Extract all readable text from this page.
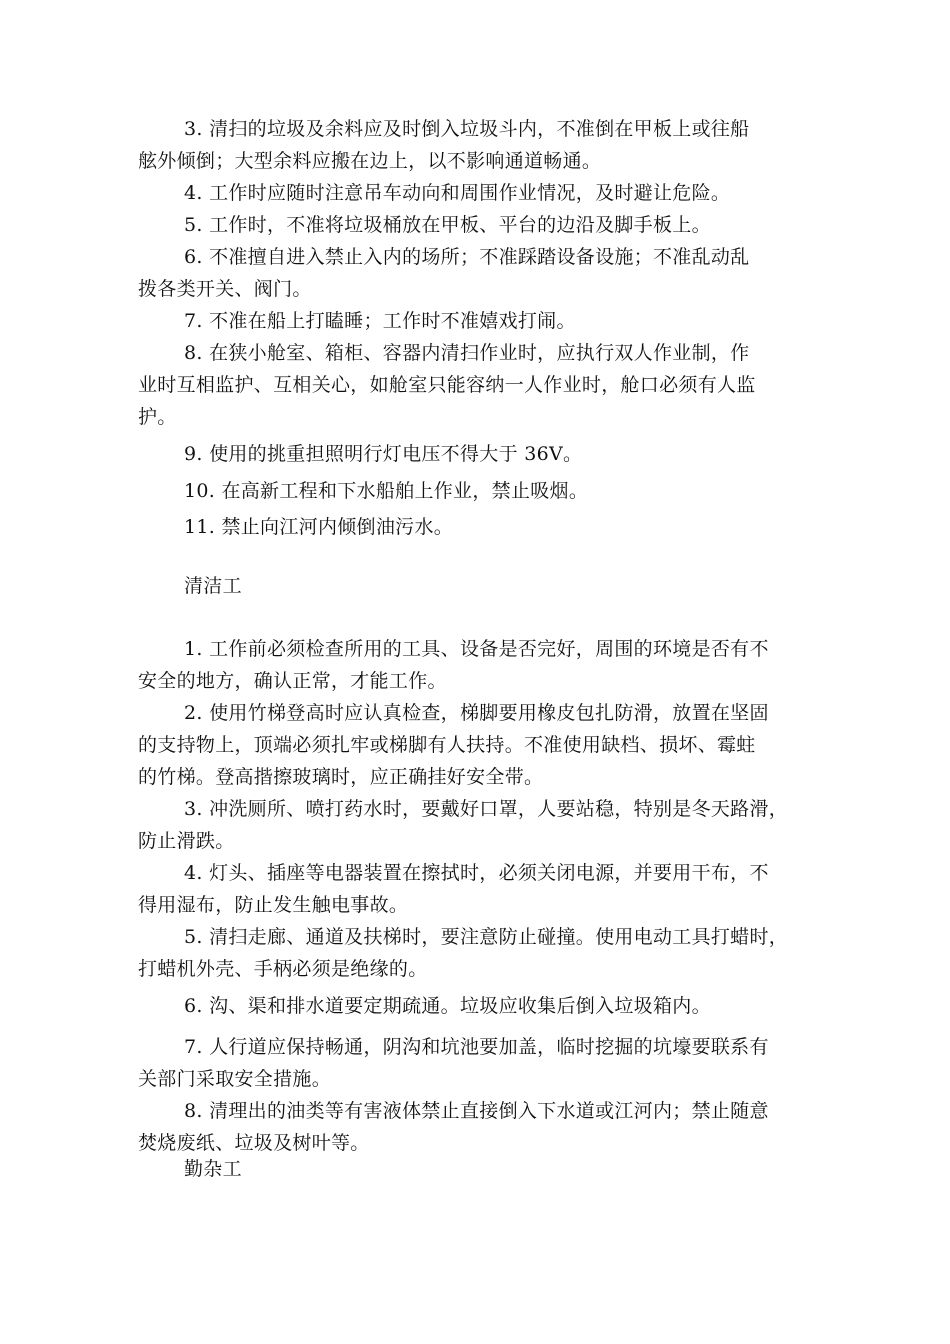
3. 清扫的垃圾及余料应及时倒入垃圾斗内，不准倒在甲板上或往船
舷外倾倒；大型余料应搬在边上，以不影响通道畅通。
4. 工作时应随时注意吊车动向和周围作业情况，及时避让危险。
5. 工作时，不准将垃圾桶放在甲板、平台的边沿及脚手板上。
6. 不准擅自进入禁止入内的场所；不准踩踏设备设施；不准乱动乱
拨各类开关、阀门。
7. 不准在船上打瞌睡；工作时不准嬉戏打闹。
8. 在狭小舱室、箱柜、容器内清扫作业时，应执行双人作业制，作
业时互相监护、互相关心，如舱室只能容纳一人作业时，舱口必须有人监
护。
9. 使用的挑重担照明行灯电压不得大于 36V。
10. 在高新工程和下水船舶上作业，禁止吸烟。
11. 禁止向江河内倾倒油污水。
清洁工
1. 工作前必须检查所用的工具、设备是否完好，周围的环境是否有不
安全的地方，确认正常，才能工作。
2. 使用竹梯登高时应认真检查，梯脚要用橡皮包扎防滑，放置在坚固
的支持物上，顶端必须扎牢或梯脚有人扶持。不准使用缺档、损坏、霉蛀
的竹梯。登高揩擦玻璃时，应正确挂好安全带。
3. 冲洗厕所、喷打药水时，要戴好口罩，人要站稳，特别是冬天路滑，
防止滑跌。
4. 灯头、插座等电器装置在擦拭时，必须关闭电源，并要用干布，不
得用湿布，防止发生触电事故。
5. 清扫走廊、通道及扶梯时，要注意防止碰撞。使用电动工具打蜡时，
打蜡机外壳、手柄必须是绝缘的。
6. 沟、渠和排水道要定期疏通。垃圾应收集后倒入垃圾箱内。
7. 人行道应保持畅通，阴沟和坑池要加盖，临时挖掘的坑壕要联系有
关部门采取安全措施。
8. 清理出的油类等有害液体禁止直接倒入下水道或江河内；禁止随意
焚烧废纸、垃圾及树叶等。
勤杂工
